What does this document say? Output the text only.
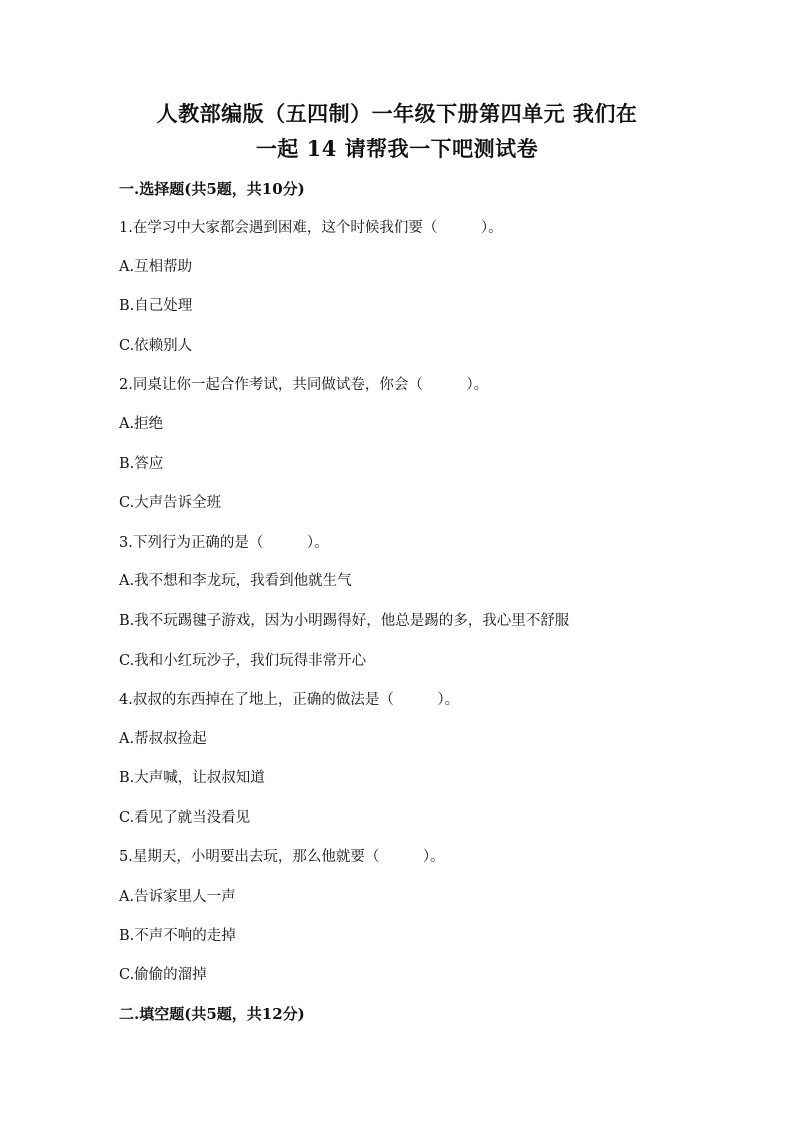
人教部编版（五四制）一年级下册第四单元 我们在
一起 14 请帮我一下吧测试卷
一.选择题(共5题，共10分)
1.在学习中大家都会遇到困难，这个时候我们要（　　　）。
A.互相帮助
B.自己处理
C.依赖别人
2.同桌让你一起合作考试，共同做试卷，你会（　　　）。
A.拒绝
B.答应
C.大声告诉全班
3.下列行为正确的是（　　　）。
A.我不想和李龙玩，我看到他就生气
B.我不玩踢毽子游戏，因为小明踢得好，他总是踢的多，我心里不舒服
C.我和小红玩沙子，我们玩得非常开心
4.叔叔的东西掉在了地上，正确的做法是（　　　）。
A.帮叔叔捡起
B.大声喊，让叔叔知道
C.看见了就当没看见
5.星期天，小明要出去玩，那么他就要（　　　）。
A.告诉家里人一声
B.不声不响的走掉
C.偷偷的溜掉
二.填空题(共5题，共12分)
